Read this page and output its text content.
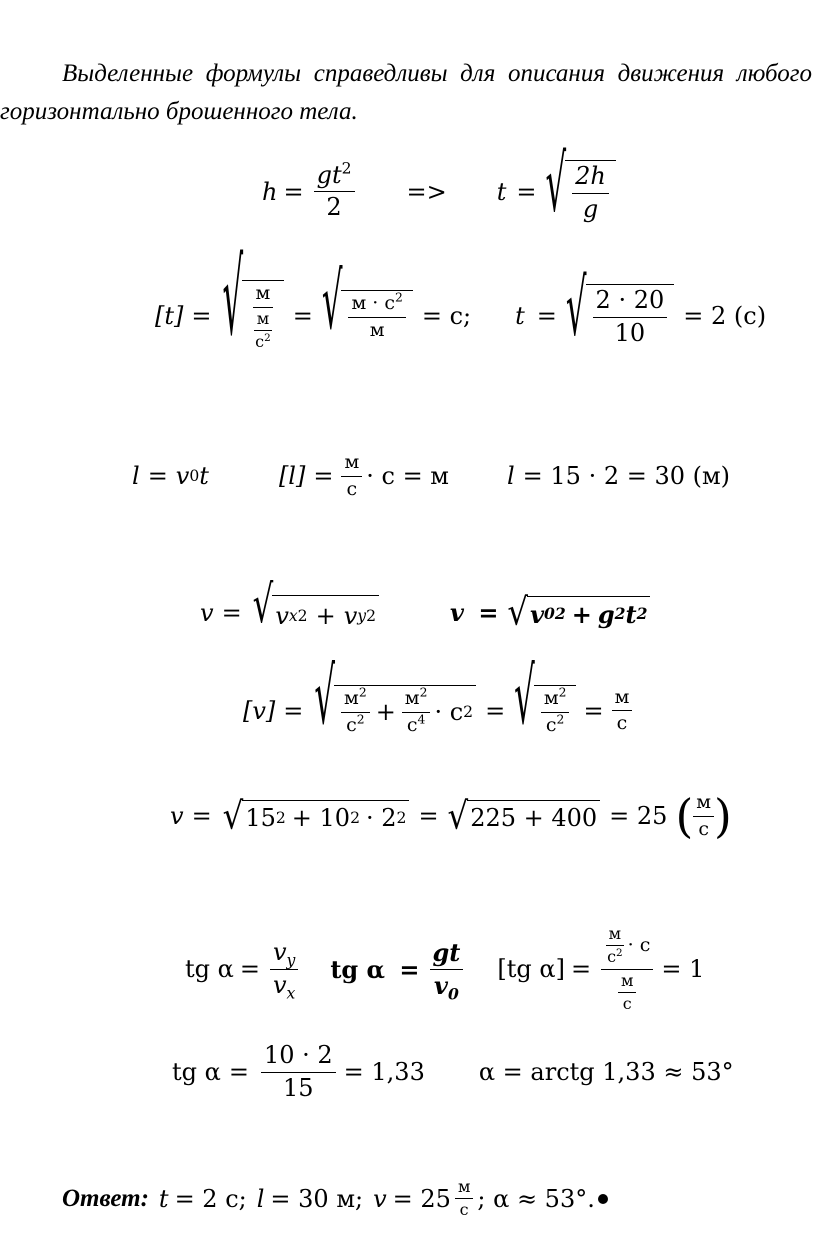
Выделенные формулы справедливы для описания движения любого
горизонтально брошенного тела.
$h = \frac{gt^2}{2} => t$ = √ $\frac{2h}{g}$
[t] = √ $\frac{м}{\frac{м}{с^2}}$ = √ $\frac{м \cdot с^2}{м} = с$; t = √ $\frac{2 \cdot 20}{10} = 2$ (с)
l = v 0 t	$[l] = \frac{м}{с} \cdot с = м$ l = 15 · 2 = 30 (м)
v = √ v x 2 + v y 2	v = √ v 0 2 + g 2 t 2
[v] = √ $\frac{м^2}{с^2} + \frac{м^2}{с^4} \cdot с$ 2 = √ $\frac{м^2}{с^2} = \frac{м}{с}$
v = √ 15 2 + 10 2 · 2 2 = √ 225 + 400 = 25 ( $\frac{м}{с}$ )
tg $\alpha = \frac{v_y}{v_x}$ tg $\alpha = \frac{gt}{v_0} [tg$ $\alpha] = \frac{\frac{м}{с^2} \cdot с}{\frac{м}{с}} = 1$
tg $\alpha = \frac{10 \cdot 2}{15} = 1,33$ α = arctg 1,33 ≈ 53°
Ответ: t = 2 с; l = 30 м; $v = 25 \frac{м}{с}$ ; α ≈ 53°.
